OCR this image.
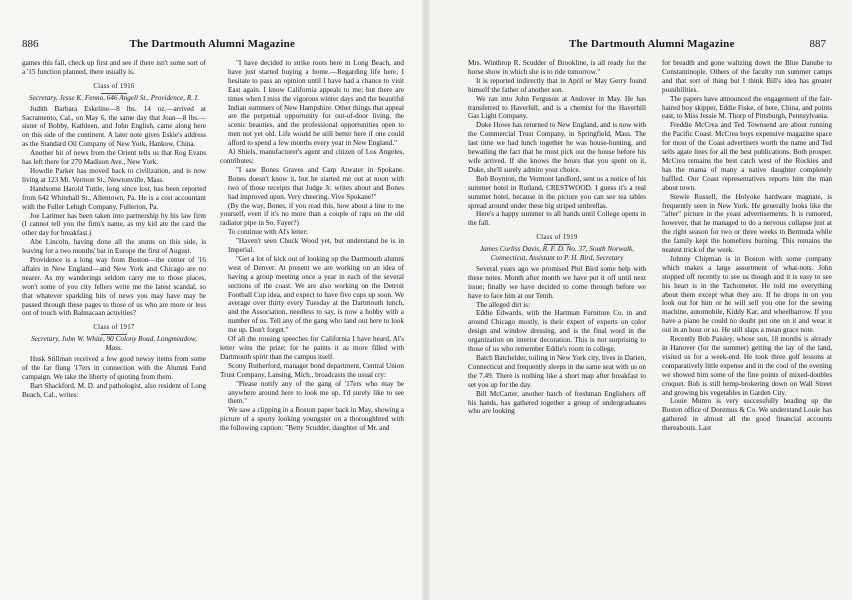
886	The Dartmouth Alumni Magazine

games this fall, check up first and see if there isn't some sort of a '15 function planned, there usually is.

Class of 1916

Secretary, Jesse K. Fenno, 646 Angell St., Providence, R. I.

Judith Barbara Eskeline—8 lbs. 14 oz.—arrived at Sacramento, Cal., on May 6, the same day that Joan—8 lbs.—sister of Bobby, Kathleen, and John English, came along here on this side of the continent. A later note gives Eskie's address as the Standard Oil Company of New York, Hankow, China.

Another bit of news from the Orient tells us that Rog Evans has left there for 270 Madison Ave., New York.

Howdie Parker has moved back to civilization, and is now living at 123 Mt. Vermon St., Newtonville, Mass.

Handsome Harold Tuttle, long since lost, has been reported from 642 Whitehall St., Allentown, Pa. He is a cost accountant with the Fuller Lehigh Company, Fullerton, Pa.

Joe Larimer has been taken into partnership by his law firm (I cannot tell you the firm's name, as my kid ate the card the other day for breakfast.)

Abe Lincoln, having done all the stunts on this side, is leaving for a two months' bat in Europe the first of August.

Providence is a long way from Boston—the center of '16 affairs in New England—and New York and Chicago are no nearer. As my wanderings seldom carry me to those places, won't some of you city fellers write me the latest scandal, so that whatever sparkling bits of news you may have may be passed through these pages to those of us who are more or less out of touch with Balmacaan activities?

Class of 1917

Secretary, John W. White, 90 Colony Road, Longmeadow, Mass.

Husk Stillman received a few good newsy items from some of the far flung '17ers in connection with the Alumni Fund campaign. We take the liberty of quoting from them.

Bart Shackford, M. D. and pathologist, also resident of Long Beach, Cal., writes:

"I have decided to strike roots here in Long Beach, and have just started buying a home.—Regarding life here, I hesitate to pass an opinion until I have had a chance to visit East again. I know California appeals to me; but there are times when I miss the vigorous winter days and the beautiful Indian summers of New Hampshire. Other things that appeal are the perpetual opportunity for out-of-door living, the scenic beauties, and the professional opportunities open to men not yet old. Life would be still better here if one could afford to spend a few months every year in New England."

Al Shiels, manufacturer's agent and citizen of Los Angeles, contributes:

"I saw Bones Graves and Carp Atwater in Spokane. Bones doesn't know it, but he started me out at noon with two of those receipts that Judge Jr. writes about and Bones had improved upon. Very cheering. Vive Spokane!"

(By the way, Bones, if you read this, how about a line to me yourself, even if it's no more than a couple of raps on the old radiator pipe in So. Fayer?)

To continue with Al's letter:

"Haven't seen Chuck Wood yet, but understand he is in Imperial.

"Get a lot of kick out of looking up the Dartmouth alumni west of Denver. At present we are working on an idea of having a group meeting once a year in each of the several sections of the coast. We are also working on the Detroit Football Cup idea, and expect to have five cups up soon. We average over thirty every Tuesday at the Dartmouth lunch, and the Association, needless to say, is now a hobby with a number of us. Tell any of the gang who land out here to look me up. Don't forget."

Of all the rousing speeches for California I have heard, Al's letter wins the prize; for he paints it as more filled with Dartmouth spirit than the campus itself.

Scotty Rutherford, manager bond department, Central Union Trust Company, Lansing, Mich., broadcasts the usual cry:

"Please notify any of the gang of '17ers who may be anywhere around here to look me up. I'd surely like to see them."

We saw a clipping in a Boston paper back in May, showing a picture of a sporty looking youngster on a thoroughbred with the following caption: "Betty Scudder, daughter of Mr. and

The Dartmouth Alumni Magazine	887

Mrs. Winthrop R. Scudder of Brookline, is all ready for the horse show in which she is to ride tomorrow."

It is reported indirectly that in April or May Gerry found himself the father of another son.

We ran into John Ferguson at Andover in May. He has transferred to Haverhill, and is a chemist for the Haverhill Gas Light Company.

Duke Howe has returned to New England, and is now with the Commercial Trust Company, in Springfield, Mass. The last time we had lunch together he was house-hunting, and bewailing the fact that he must pick out the house before his wife arrived. If she knows the hours that you spent on it, Duke, she'll surely admire your choice.

Bob Boynton, the Vermont landlord, sent us a notice of his summer hotel in Rutland, CRESTWOOD. I guess it's a real summer hotel, because in the picture you can see tea tables spread around under these big striped umbrellas.

Here's a happy summer to all hands until College opens in the fall.

Class of 1919

James Corliss Davis, R. F. D. No. 37, South Norwalk, Connecticut, Assistant to P. H. Bird, Secretary

Several years ago we promised Phil Bird some help with these notes. Month after month we have put it off until next issue; finally we have decided to come through before we have to face him at our Tenth.

The alleged dirt is:

Eddie Edwards, with the Hartman Furniture Co. in and around Chicago mostly, is their expert of experts on color design and window dressing, and is the final word in the organization on interior decoration. This is not surprising to those of us who remember Eddie's room in college.

Batch Batchelder, toiling in New York city, lives in Darien, Connecticut and frequently sleeps in the same seat with us on the 7.49. There is nothing like a short map after breakfast to set you up for the day.

Bill McCarter, another batch of freshman Englishers off his hands, has gathered together a group of undergraduates who are looking

for breadth and gone waltzing down the Blue Danube to Constantinople. Others of the faculty run summer camps and that sort of thing but I think Bill's idea has greater possibilities.

The papers have announced the engagement of the fair-haired boy skipper, Eddie Fiske, of here, China, and points east, to Miss Jessie M. Thorp of Pittsburgh, Pennsylvania.

Freddie McCrea and Ted Townsend are about running the Pacific Coast. McCrea boys expensive magazine space for most of the Coast advertisers worth the name and Ted sells agate lines for all the best publications. Both prosper. McCrea remains the best catch west of the Rockies and has the mama of many a native daughter completely baffled. Our Coast representatives reports him the man about town.

Stewie Russell, the Holyoke hardware magnate, is frequently seen in New York. He generally looks like the "after" picture in the yeast advertisements. It is rumored, however, that he managed to do a nervous collapse just at the right season for two or three weeks in Bermuda while the family kept the homefires burning. This remains the neatest trick of the week.

Johnny Chipman is in Boston with some company which makes a large assortment of what-nots. John stopped off recently to see us though and it is easy to see his heart is in the Tachometer. He told me everything about them except what they are. If he drops in on you look out for him or he will sell you one for the sewing machine, automobile, Kiddy Kar, and wheelbarrow. If you have a piano he could no doubt put one on it and wear it out in an hour or so. He still slaps a mean grace note.

Recently Bob Paisley, whose son, 18 months is already in Hanover (for the summer) getting the lay of the land, visited us for a week-end. He took three golf lessons at comparatively little expense and in the cool of the evening we showed him some of the fine points of mixed-doubles croquet. Bob is still hemp-brokering down on Wall Street and growing his vegetables in Garden City.

Louie Munro is very successfully heading up the Boston office of Doremus & Co. We understand Louie has gathered in almost all the good financial accounts thereabouts. Last
